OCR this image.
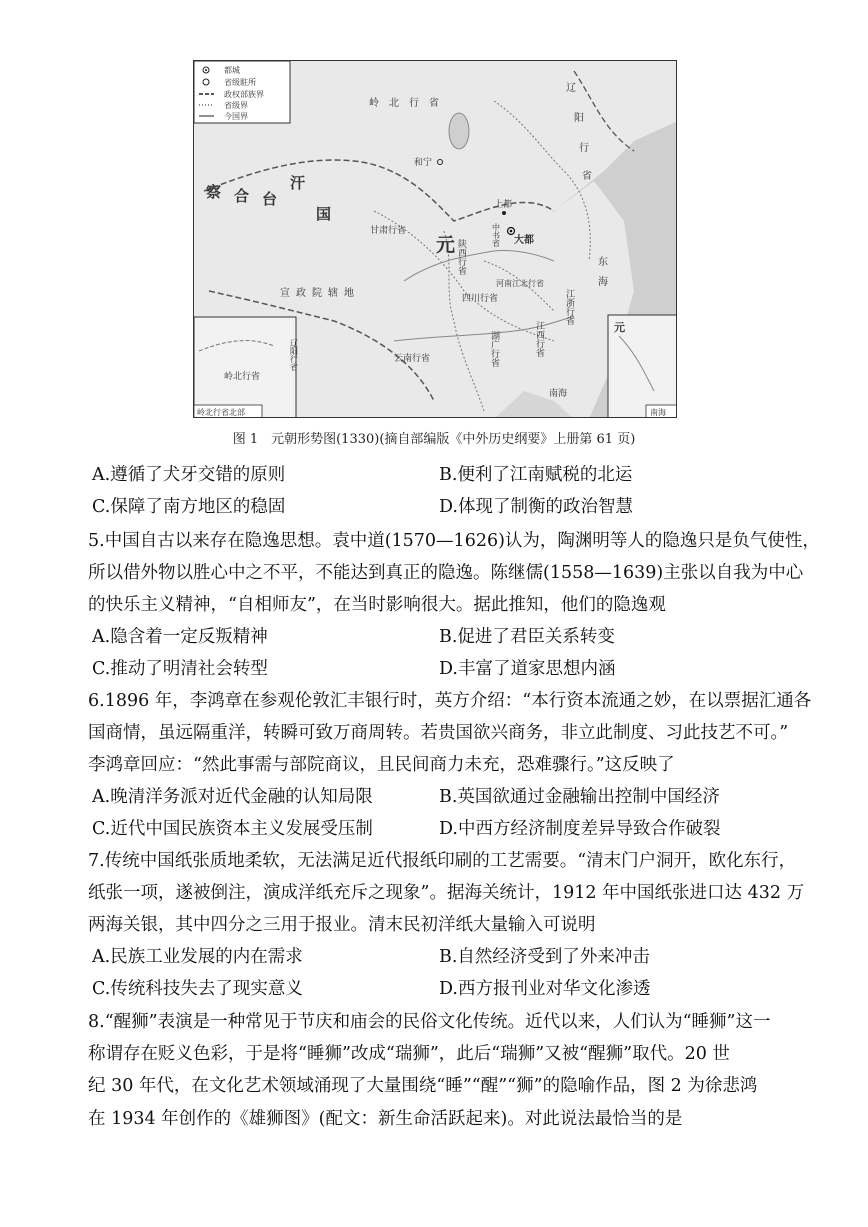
都城
省级駐所
政权部族界
省级界
今国界
岭北行省
辽
阳
行
省
察 合 台
汗
国
和宁
上都
大都
甘肃行省
元	中书省
陕西行省
河南江北行省
宣政院辖地	四川行省	江浙行省
江西行省
湖广行省
云南行省
东海
南海
辽阳行省
岭北行省
岭北行省北部
元
南海
图 1　元朝形势图(1330)(摘自部编版《中外历史纲要》上册第 61 页)
A.遵循了犬牙交错的原则	B.便利了江南赋税的北运
C.保障了南方地区的稳固	D.体现了制衡的政治智慧
5.中国自古以来存在隐逸思想。袁中道(1570—1626)认为，陶渊明等人的隐逸只是负气使性，
所以借外物以胜心中之不平，不能达到真正的隐逸。陈继儒(1558—1639)主张以自我为中心
的快乐主义精神，“自相师友”，在当时影响很大。据此推知，他们的隐逸观
A.隐含着一定反叛精神	B.促进了君臣关系转变
C.推动了明清社会转型	D.丰富了道家思想内涵
6.1896 年，李鸿章在参观伦敦汇丰银行时，英方介绍：“本行资本流通之妙，在以票据汇通各
国商情，虽远隔重洋，转瞬可致万商周转。若贵国欲兴商务，非立此制度、习此技艺不可。”
李鸿章回应：“然此事需与部院商议，且民间商力未充，恐难骤行。”这反映了
A.晚清洋务派对近代金融的认知局限	B.英国欲通过金融输出控制中国经济
C.近代中国民族资本主义发展受压制	D.中西方经济制度差异导致合作破裂
7.传统中国纸张质地柔软，无法满足近代报纸印刷的工艺需要。“清末门户洞开，欧化东行，
纸张一项，遂被倒注，演成洋纸充斥之现象”。据海关统计，1912 年中国纸张进口达 432 万
两海关银，其中四分之三用于报业。清末民初洋纸大量输入可说明
A.民族工业发展的内在需求	B.自然经济受到了外来冲击
C.传统科技失去了现实意义	D.西方报刊业对华文化渗透
8.“醒狮”表演是一种常见于节庆和庙会的民俗文化传统。近代以来，人们认为“睡狮”这一
称谓存在贬义色彩，于是将“睡狮”改成“瑞狮”，此后“瑞狮”又被“醒狮”取代。20 世
纪 30 年代，在文化艺术领域涌现了大量围绕“睡”“醒”“狮”的隐喻作品，图 2 为徐悲鸿
在 1934 年创作的《雄狮图》(配文：新生命活跃起来)。对此说法最恰当的是
